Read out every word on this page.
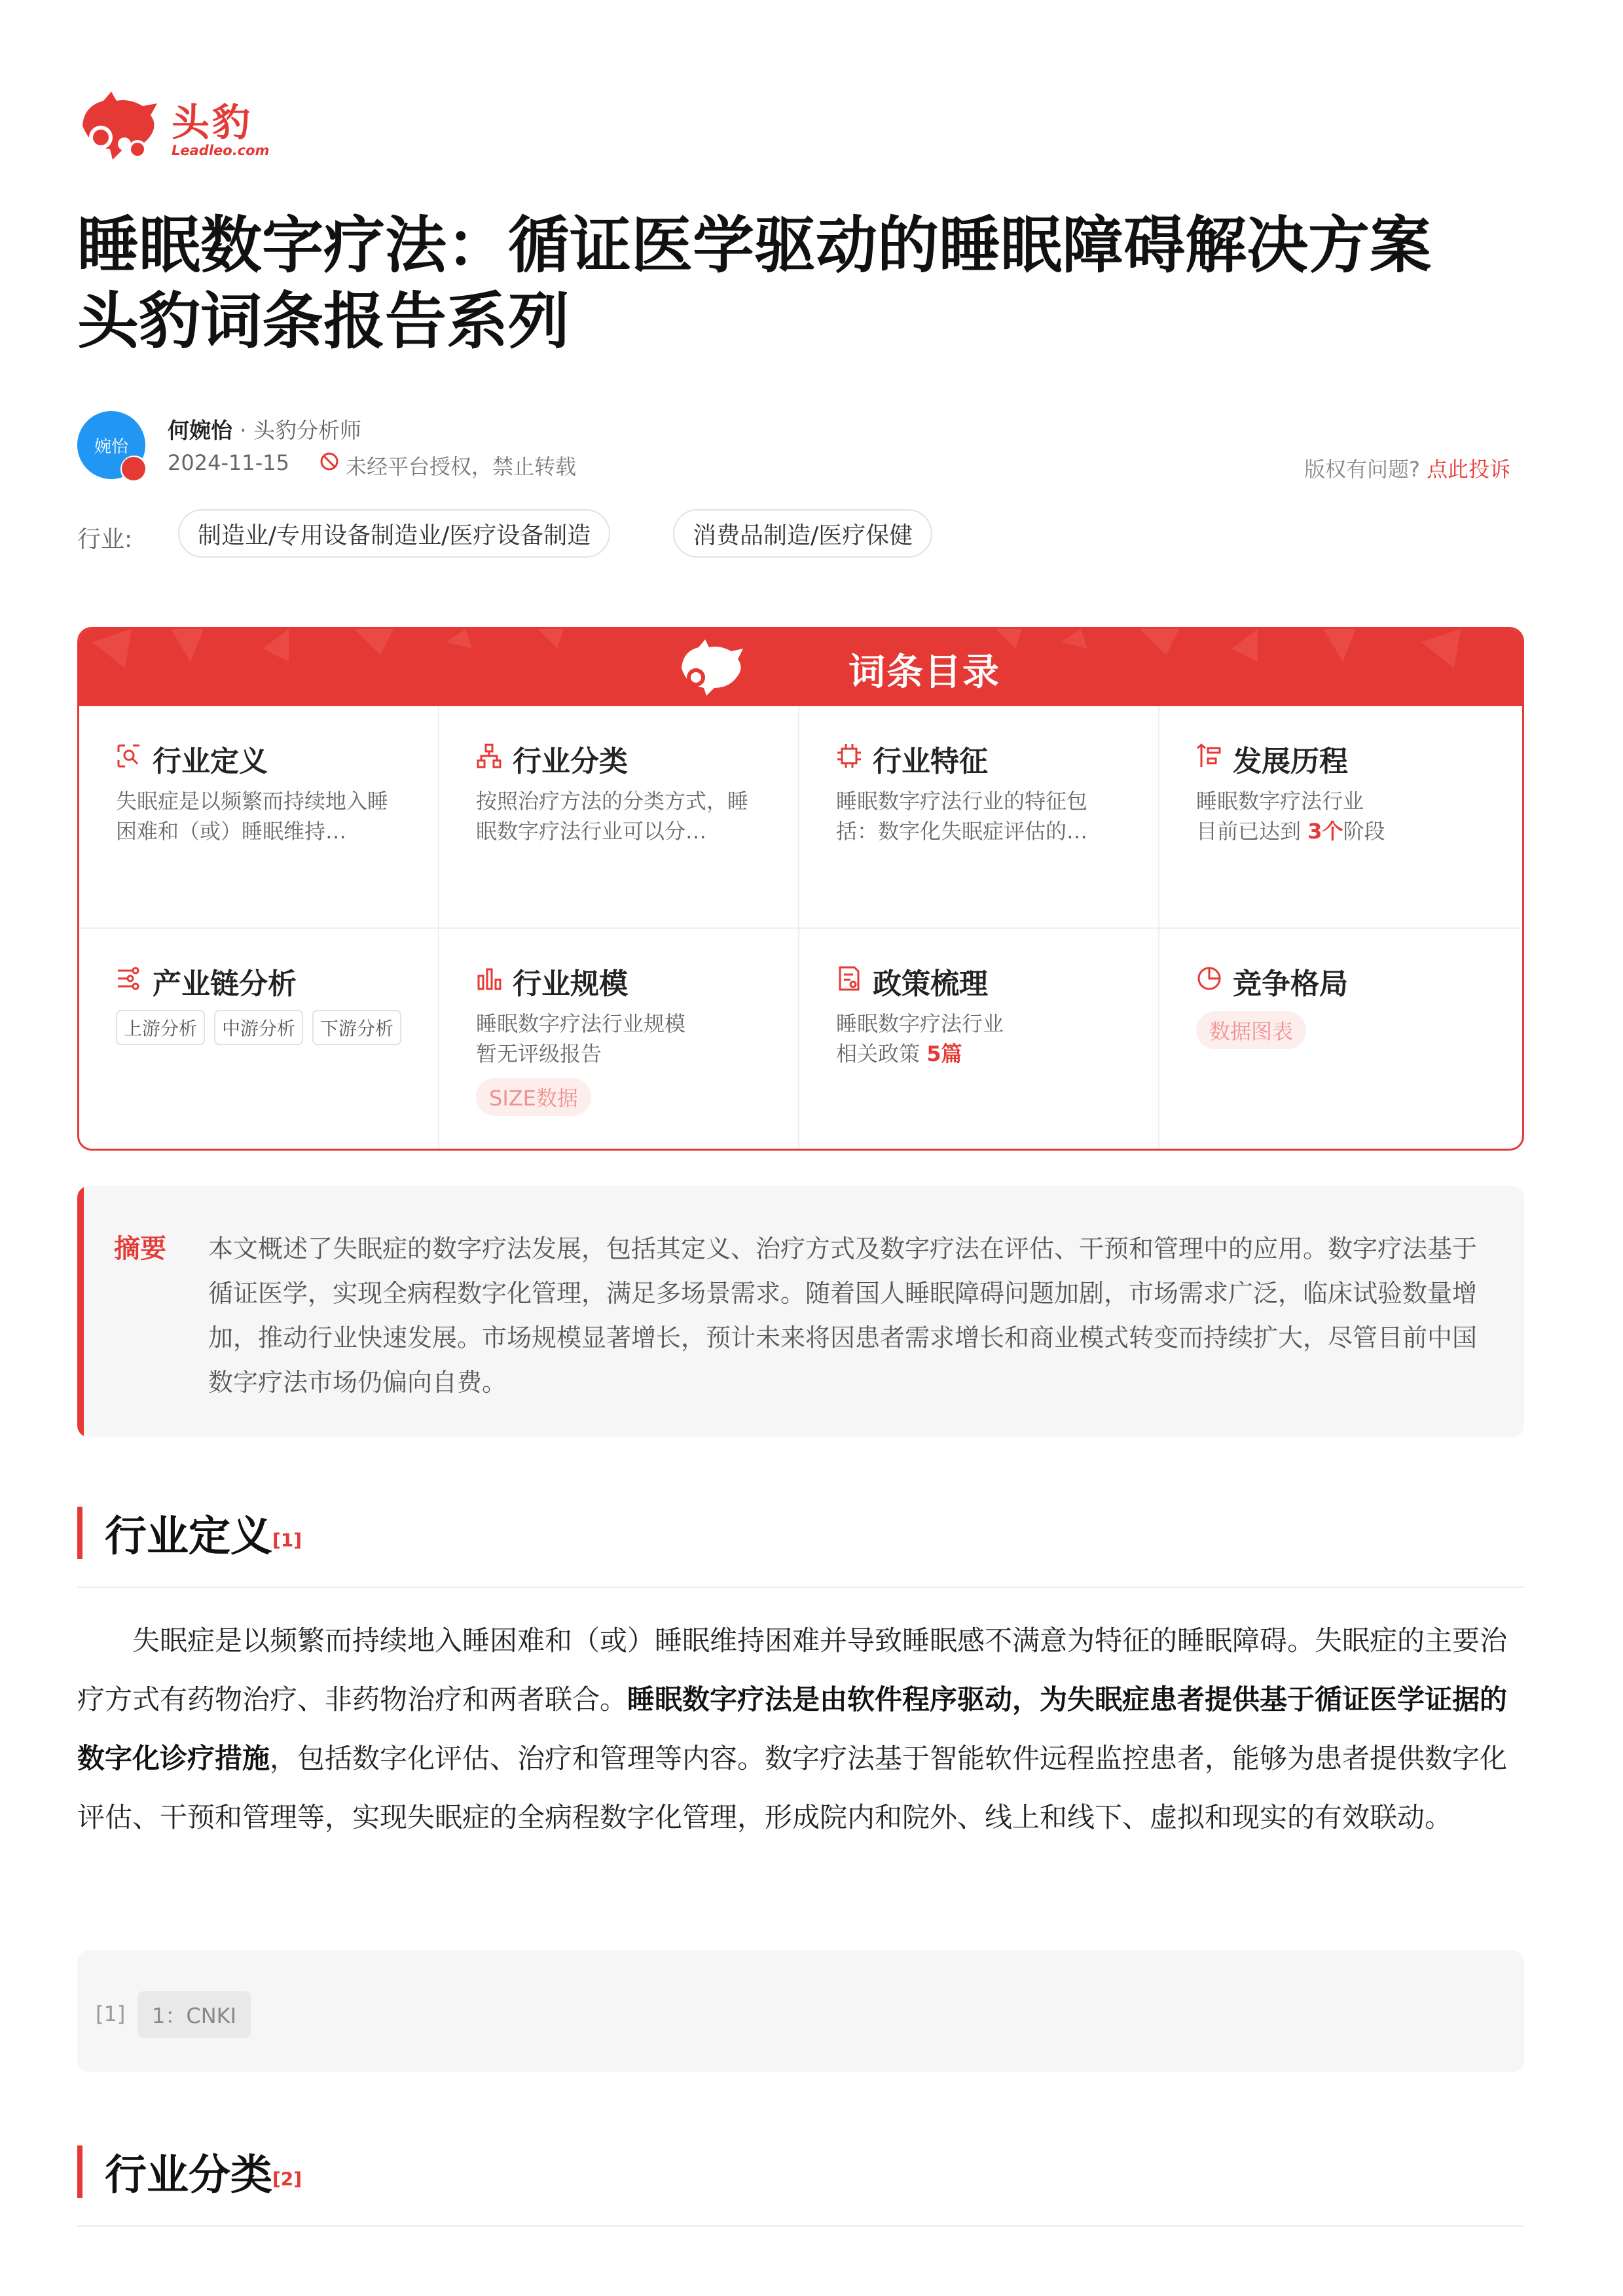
头豹
Leadleo.com
睡眠数字疗法：循证医学驱动的睡眠障碍解决方案
头豹词条报告系列
婉怡
何婉怡 · 头豹分析师
2024-11-15	未经平台授权，禁止转载	版权有问题? 点此投诉
行业:	制造业/专用设备制造业/医疗设备制造	消费品制造/医疗保健
词条目录
行业定义
失眠症是以频繁而持续地入睡困难和（或）睡眠维持…
行业分类
按照治疗方法的分类方式，睡眠数字疗法行业可以分…
行业特征
睡眠数字疗法行业的特征包括：数字化失眠症评估的…
发展历程
睡眠数字疗法行业
目前已达到 3个阶段
产业链分析
上游分析	中游分析	下游分析
行业规模
睡眠数字疗法行业规模
暂无评级报告
SIZE数据
政策梳理
睡眠数字疗法行业
相关政策 5篇
竞争格局
数据图表
摘要 本文概述了失眠症的数字疗法发展，包括其定义、治疗方式及数字疗法在评估、干预和管理中的应用。数字疗法基于循证医学，实现全病程数字化管理，满足多场景需求。随着国人睡眠障碍问题加剧，市场需求广泛，临床试验数量增加，推动行业快速发展。市场规模显著增长，预计未来将因患者需求增长和商业模式转变而持续扩大，尽管目前中国数字疗法市场仍偏向自费。
行业定义[1]
失眠症是以频繁而持续地入睡困难和（或）睡眠维持困难并导致睡眠感不满意为特征的睡眠障碍。失眠症的主要治疗方式有药物治疗、非药物治疗和两者联合。睡眠数字疗法是由软件程序驱动，为失眠症患者提供基于循证医学证据的数字化诊疗措施，包括数字化评估、治疗和管理等内容。数字疗法基于智能软件远程监控患者，能够为患者提供数字化评估、干预和管理等，实现失眠症的全病程数字化管理，形成院内和院外、线上和线下、虚拟和现实的有效联动。
[1]	1：CNKI
行业分类[2]
